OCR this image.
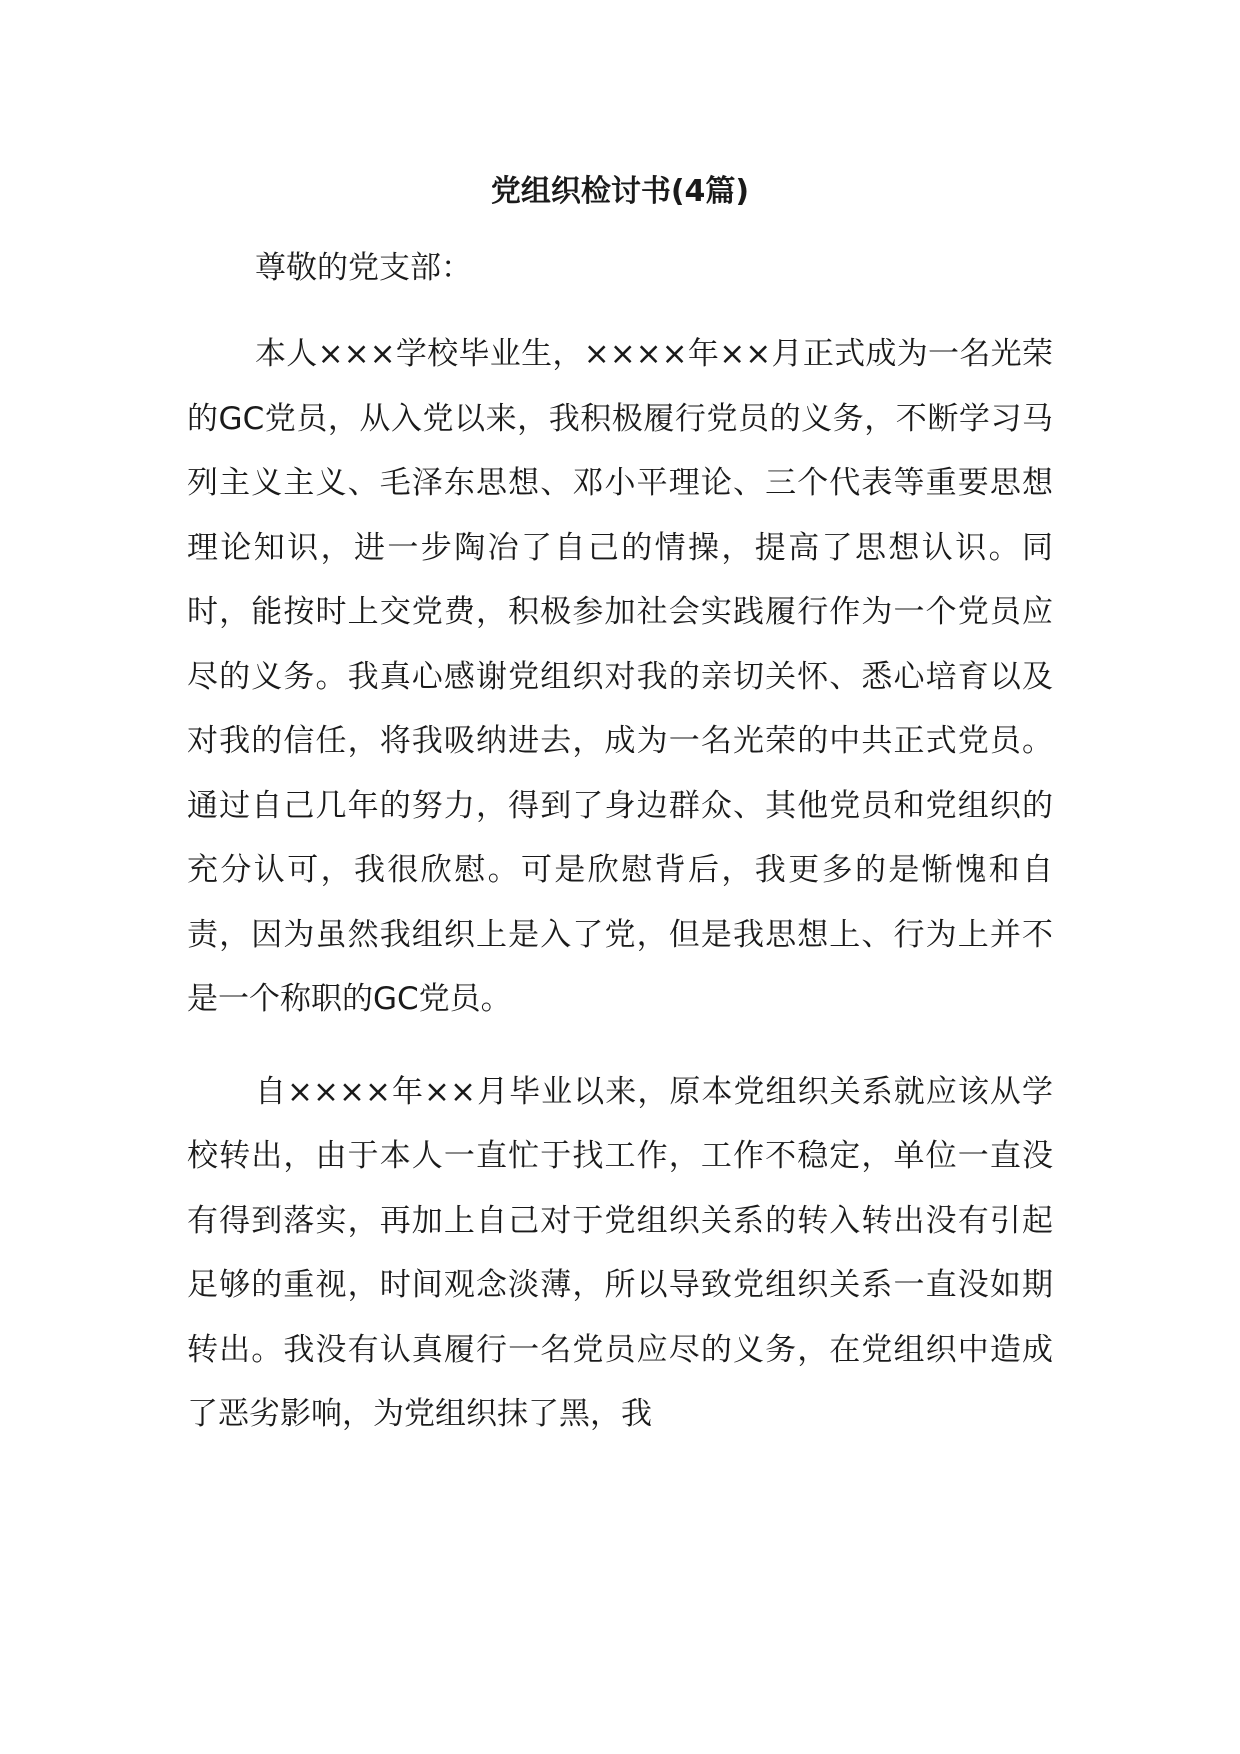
党组织检讨书(4篇)

尊敬的党支部：

本人×××学校毕业生，××××年××月正式成为一名光荣的GC党员，从入党以来，我积极履行党员的义务，不断学习马列主义主义、毛泽东思想、邓小平理论、三个代表等重要思想理论知识，进一步陶冶了自己的情操，提高了思想认识。同时，能按时上交党费，积极参加社会实践履行作为一个党员应尽的义务。我真心感谢党组织对我的亲切关怀、悉心培育以及对我的信任，将我吸纳进去，成为一名光荣的中共正式党员。通过自己几年的努力，得到了身边群众、其他党员和党组织的充分认可，我很欣慰。可是欣慰背后，我更多的是惭愧和自责，因为虽然我组织上是入了党，但是我思想上、行为上并不是一个称职的GC党员。

自××××年××月毕业以来，原本党组织关系就应该从学校转出，由于本人一直忙于找工作，工作不稳定，单位一直没有得到落实，再加上自己对于党组织关系的转入转出没有引起足够的重视，时间观念淡薄，所以导致党组织关系一直没如期转出。我没有认真履行一名党员应尽的义务，在党组织中造成了恶劣影响，为党组织抹了黑，我
